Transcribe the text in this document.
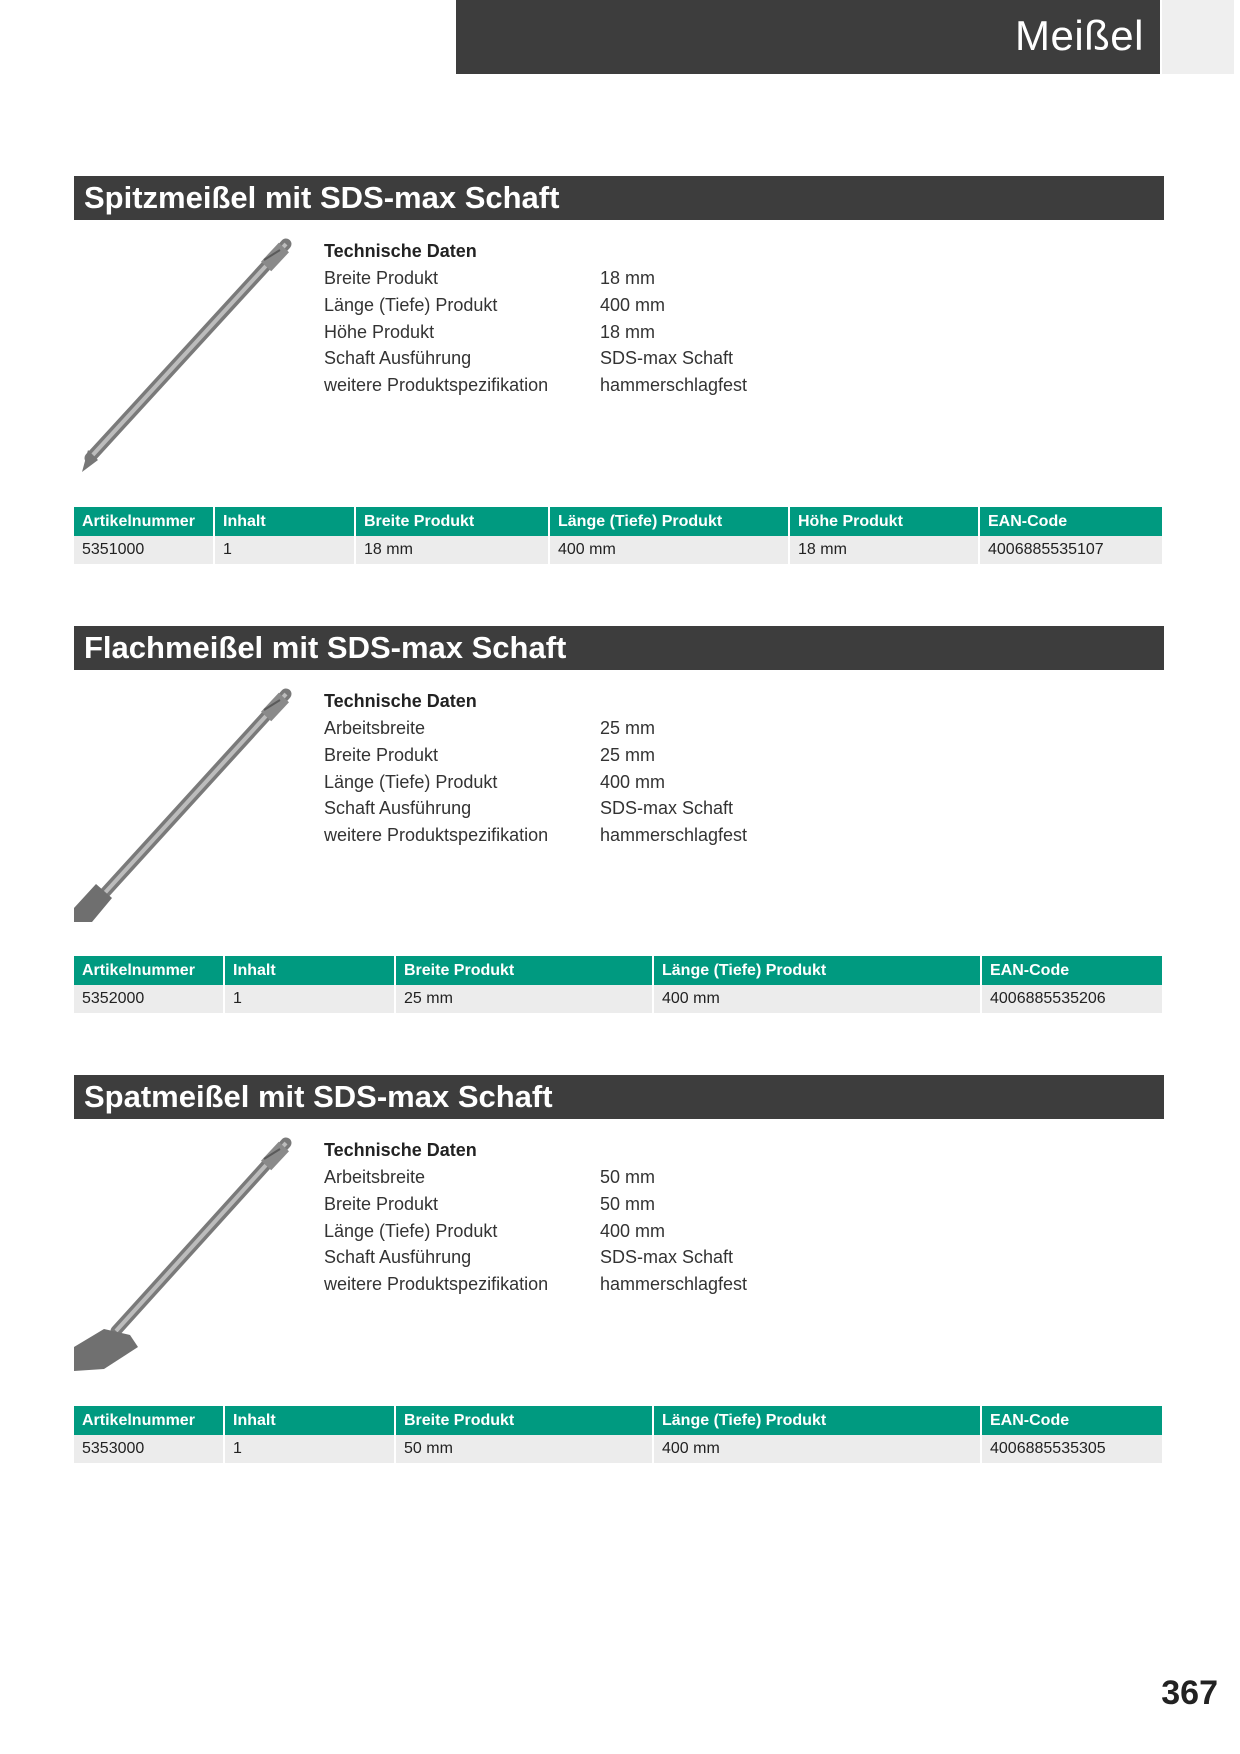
Meißel
Spitzmeißel mit SDS-max Schaft
Technische Daten
Breite Produkt	18 mm
Länge (Tiefe) Produkt	400 mm
Höhe Produkt	18 mm
Schaft Ausführung	SDS-max Schaft
weitere Produktspezifikation	hammerschlagfest
Artikelnummer	Inhalt	Breite Produkt	Länge (Tiefe) Produkt	Höhe Produkt	EAN-Code
5351000	1	18 mm	400 mm	18 mm	4006885535107
Flachmeißel mit SDS-max Schaft
Technische Daten
Arbeitsbreite	25 mm
Breite Produkt	25 mm
Länge (Tiefe) Produkt	400 mm
Schaft Ausführung	SDS-max Schaft
weitere Produktspezifikation	hammerschlagfest
Artikelnummer	Inhalt	Breite Produkt	Länge (Tiefe) Produkt	EAN-Code
5352000	1	25 mm	400 mm	4006885535206
Spatmeißel mit SDS-max Schaft
Technische Daten
Arbeitsbreite	50 mm
Breite Produkt	50 mm
Länge (Tiefe) Produkt	400 mm
Schaft Ausführung	SDS-max Schaft
weitere Produktspezifikation	hammerschlagfest
Artikelnummer	Inhalt	Breite Produkt	Länge (Tiefe) Produkt	EAN-Code
5353000	1	50 mm	400 mm	4006885535305
367
